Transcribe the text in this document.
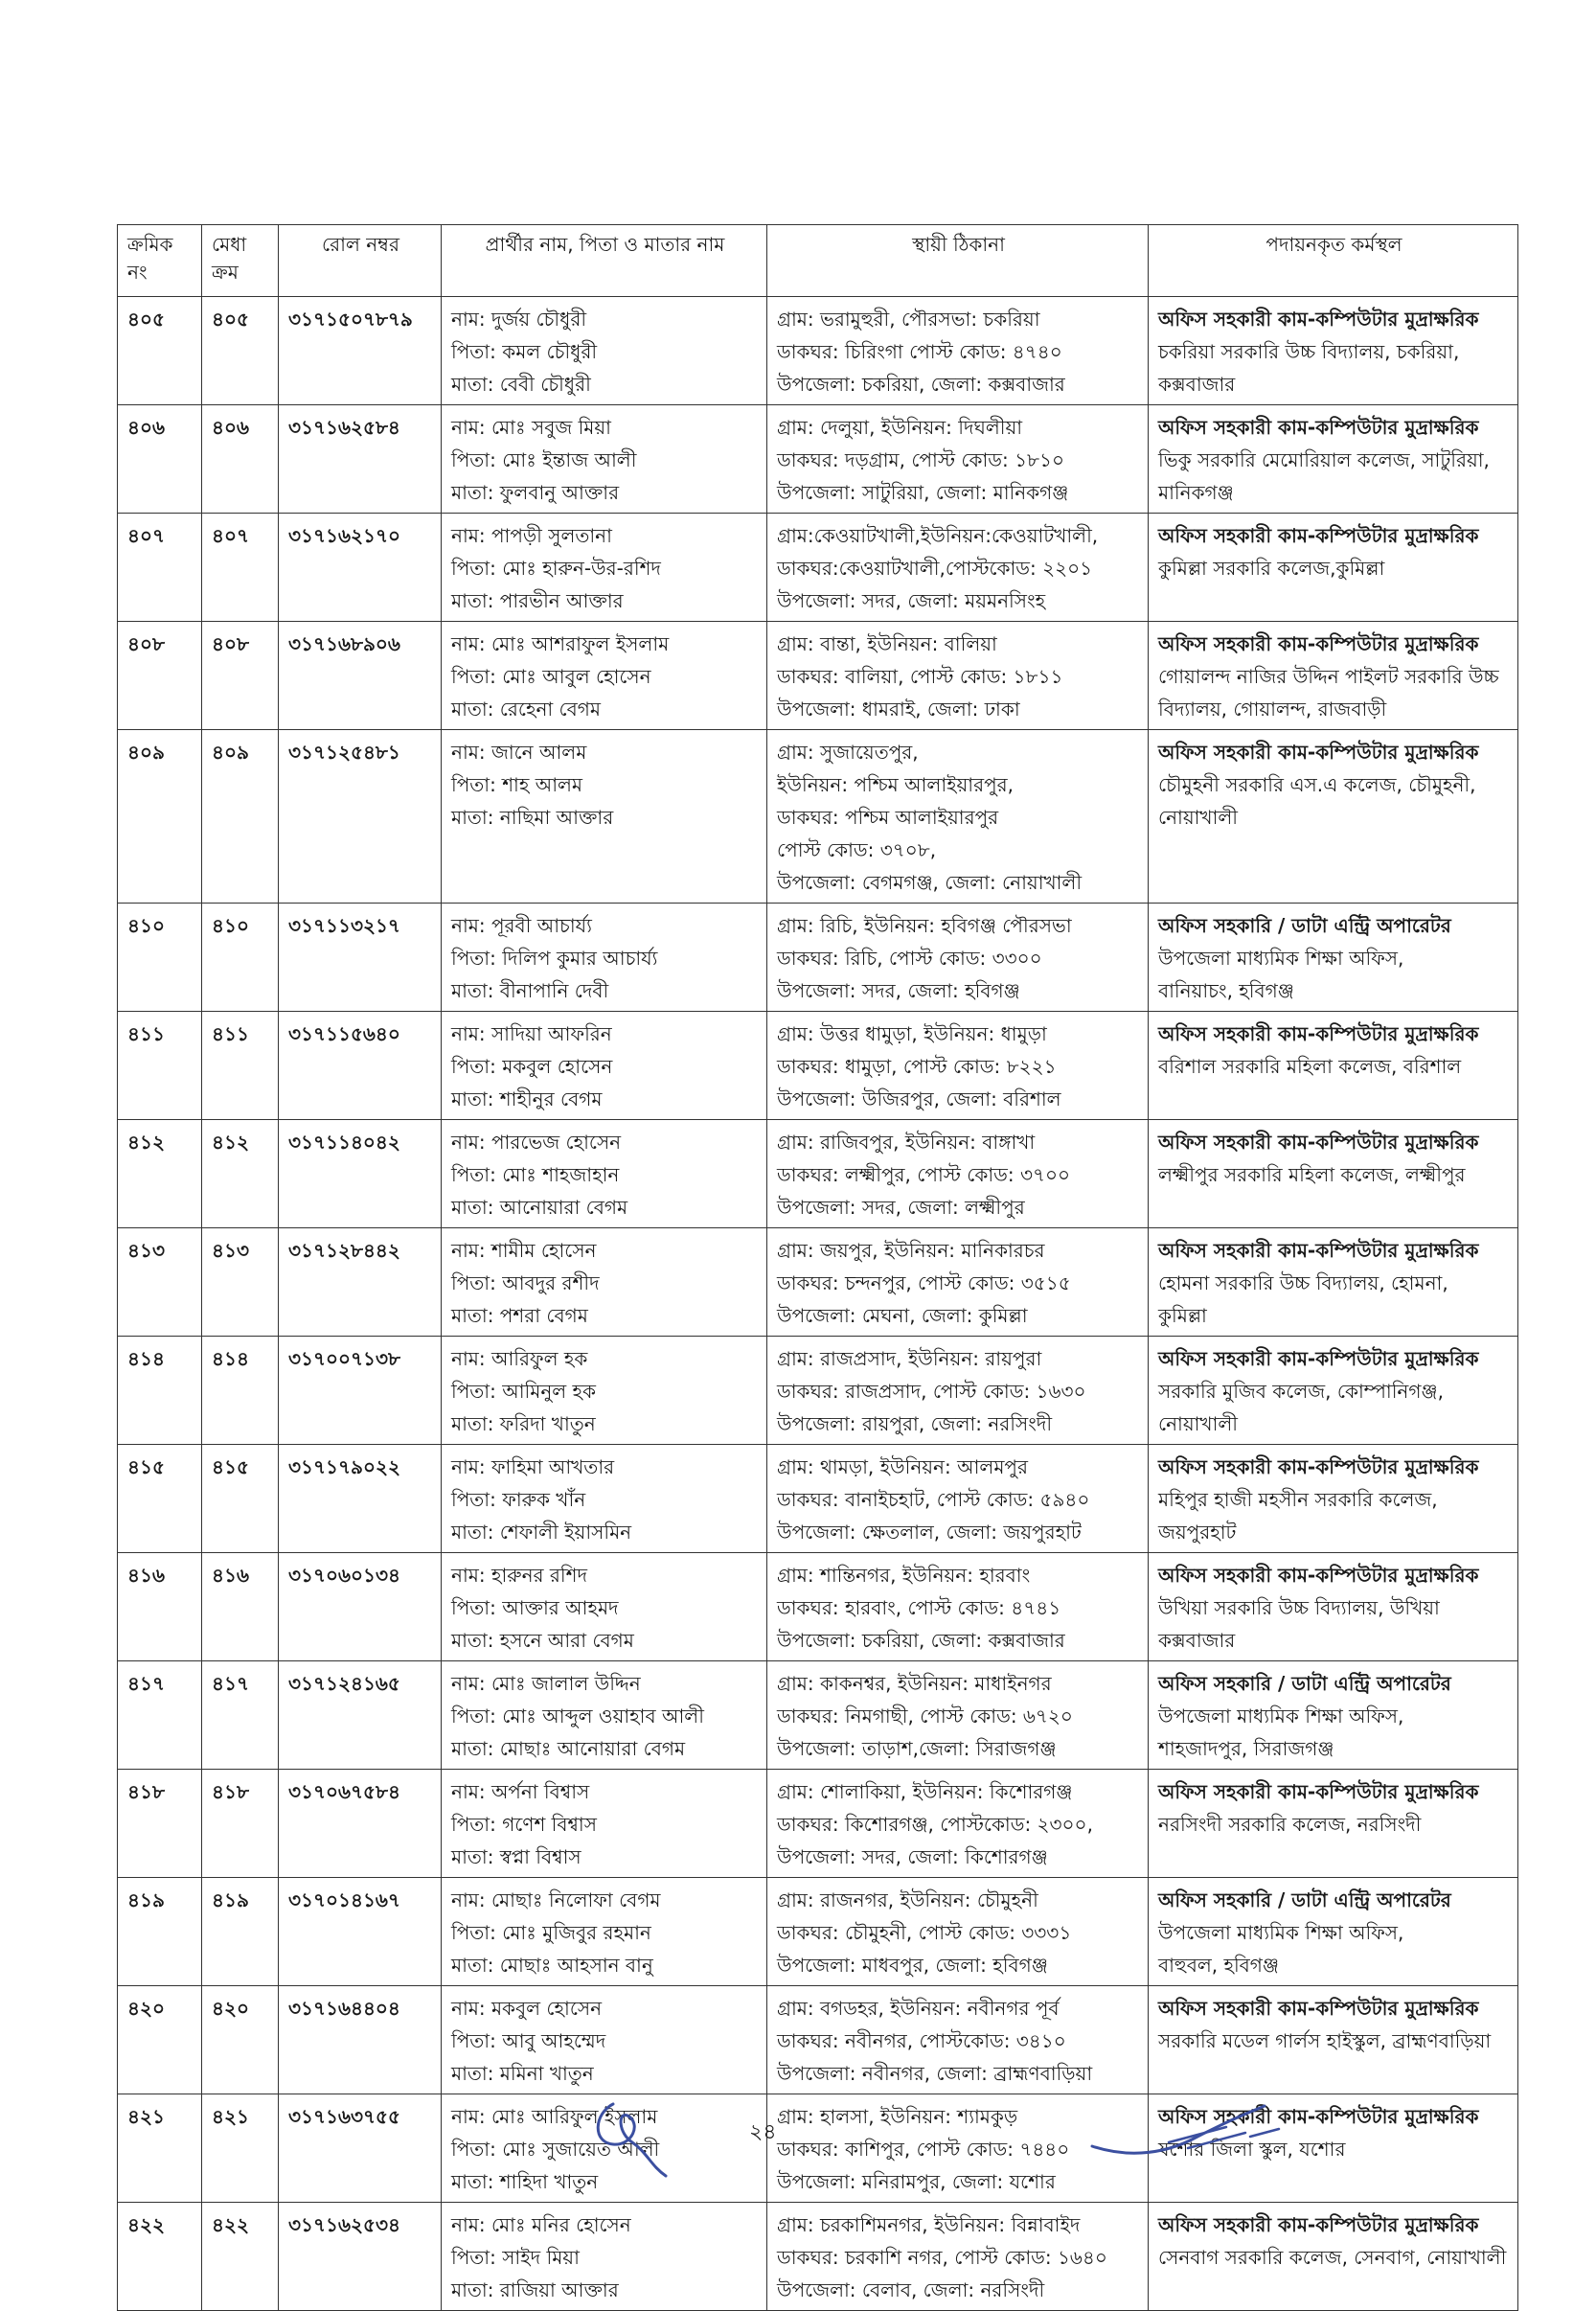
ক্রমিক নং	মেধা ক্রম	রোল নম্বর	প্রার্থীর নাম, পিতা ও মাতার নাম	স্থায়ী ঠিকানা	পদায়নকৃত কর্মস্থল
৪০৫	৪০৫	৩১৭১৫০৭৮৭৯	নাম: দুর্জয় চৌধুরী
পিতা: কমল চৌধুরী
মাতা: বেবী চৌধুরী	গ্রাম: ভরামুহুরী, পৌরসভা: চকরিয়া
ডাকঘর: চিরিংগা পোস্ট কোড: ৪৭৪০
উপজেলা: চকরিয়া, জেলা: কক্সবাজার	অফিস সহকারী কাম-কম্পিউটার মুদ্রাক্ষরিক
চকরিয়া সরকারি উচ্চ বিদ্যালয়, চকরিয়া,
কক্সবাজার

৪০৬	৪০৬	৩১৭১৬২৫৮৪	নাম: মোঃ সবুজ মিয়া
পিতা: মোঃ ইন্তাজ আলী
মাতা: ফুলবানু আক্তার	গ্রাম: দেলুয়া, ইউনিয়ন: দিঘলীয়া
ডাকঘর: দড়গ্রাম, পোস্ট কোড: ১৮১০
উপজেলা: সাটুরিয়া, জেলা: মানিকগঞ্জ	অফিস সহকারী কাম-কম্পিউটার মুদ্রাক্ষরিক
ভিকু সরকারি মেমোরিয়াল কলেজ, সাটুরিয়া,
মানিকগঞ্জ

৪০৭	৪০৭	৩১৭১৬২১৭০	নাম: পাপড়ী সুলতানা
পিতা: মোঃ হারুন-উর-রশিদ
মাতা: পারভীন আক্তার	গ্রাম:কেওয়াটখালী,ইউনিয়ন:কেওয়াটখালী,
ডাকঘর:কেওয়াটখালী,পোস্টকোড: ২২০১
উপজেলা: সদর, জেলা: ময়মনসিংহ	অফিস সহকারী কাম-কম্পিউটার মুদ্রাক্ষরিক
কুমিল্লা সরকারি কলেজ,কুমিল্লা

৪০৮	৪০৮	৩১৭১৬৮৯০৬	নাম: মোঃ আশরাফুল ইসলাম
পিতা: মোঃ আবুল হোসেন
মাতা: রেহেনা বেগম	গ্রাম: বান্তা, ইউনিয়ন: বালিয়া
ডাকঘর: বালিয়া, পোস্ট কোড: ১৮১১
উপজেলা: ধামরাই, জেলা: ঢাকা	অফিস সহকারী কাম-কম্পিউটার মুদ্রাক্ষরিক
গোয়ালন্দ নাজির উদ্দিন পাইলট সরকারি উচ্চ
বিদ্যালয়, গোয়ালন্দ, রাজবাড়ী

৪০৯	৪০৯	৩১৭১২৫৪৮১	নাম: জানে আলম
পিতা: শাহ আলম
মাতা: নাছিমা আক্তার	গ্রাম: সুজায়েতপুর,
ইউনিয়ন: পশ্চিম আলাইয়ারপুর,
ডাকঘর: পশ্চিম আলাইয়ারপুর
পোস্ট কোড: ৩৭০৮,
উপজেলা: বেগমগঞ্জ, জেলা: নোয়াখালী	অফিস সহকারী কাম-কম্পিউটার মুদ্রাক্ষরিক
চৌমুহনী সরকারি এস.এ কলেজ, চৌমুহনী,
নোয়াখালী

৪১০	৪১০	৩১৭১১৩২১৭	নাম: পূরবী আচার্য্য
পিতা: দিলিপ কুমার আচার্য্য
মাতা: বীনাপানি দেবী	গ্রাম: রিচি, ইউনিয়ন: হবিগঞ্জ পৌরসভা
ডাকঘর: রিচি, পোস্ট কোড: ৩৩০০
উপজেলা: সদর, জেলা: হবিগঞ্জ	অফিস সহকারি / ডাটা এন্ট্রি অপারেটর
উপজেলা মাধ্যমিক শিক্ষা অফিস,
বানিয়াচং, হবিগঞ্জ

৪১১	৪১১	৩১৭১১৫৬৪০	নাম: সাদিয়া আফরিন
পিতা: মকবুল হোসেন
মাতা: শাহীনুর বেগম	গ্রাম: উত্তর ধামুড়া, ইউনিয়ন: ধামুড়া
ডাকঘর: ধামুড়া, পোস্ট কোড: ৮২২১
উপজেলা: উজিরপুর, জেলা: বরিশাল	অফিস সহকারী কাম-কম্পিউটার মুদ্রাক্ষরিক
বরিশাল সরকারি মহিলা কলেজ, বরিশাল

৪১২	৪১২	৩১৭১১৪০৪২	নাম: পারভেজ হোসেন
পিতা: মোঃ শাহজাহান
মাতা: আনোয়ারা বেগম	গ্রাম: রাজিবপুর, ইউনিয়ন: বাঙ্গাখা
ডাকঘর: লক্ষ্মীপুর, পোস্ট কোড: ৩৭০০
উপজেলা: সদর, জেলা: লক্ষ্মীপুর	অফিস সহকারী কাম-কম্পিউটার মুদ্রাক্ষরিক
লক্ষ্মীপুর সরকারি মহিলা কলেজ, লক্ষ্মীপুর

৪১৩	৪১৩	৩১৭১২৮৪৪২	নাম: শামীম হোসেন
পিতা: আবদুর রশীদ
মাতা: পশরা বেগম	গ্রাম: জয়পুর, ইউনিয়ন: মানিকারচর
ডাকঘর: চন্দনপুর, পোস্ট কোড: ৩৫১৫
উপজেলা: মেঘনা, জেলা: কুমিল্লা	অফিস সহকারী কাম-কম্পিউটার মুদ্রাক্ষরিক
হোমনা সরকারি উচ্চ বিদ্যালয়, হোমনা,
কুমিল্লা

৪১৪	৪১৪	৩১৭০০৭১৩৮	নাম: আরিফুল হক
পিতা: আমিনুল হক
মাতা: ফরিদা খাতুন	গ্রাম: রাজপ্রসাদ, ইউনিয়ন: রায়পুরা
ডাকঘর: রাজপ্রসাদ, পোস্ট কোড: ১৬৩০
উপজেলা: রায়পুরা, জেলা: নরসিংদী	অফিস সহকারী কাম-কম্পিউটার মুদ্রাক্ষরিক
সরকারি মুজিব কলেজ, কোম্পানিগঞ্জ,
নোয়াখালী

৪১৫	৪১৫	৩১৭১৭৯০২২	নাম: ফাহিমা আখতার
পিতা: ফারুক খাঁন
মাতা: শেফালী ইয়াসমিন	গ্রাম: থামড়া, ইউনিয়ন: আলমপুর
ডাকঘর: বানাইচহাট, পোস্ট কোড: ৫৯৪০
উপজেলা: ক্ষেতলাল, জেলা: জয়পুরহাট	অফিস সহকারী কাম-কম্পিউটার মুদ্রাক্ষরিক
মহিপুর হাজী মহসীন সরকারি কলেজ,
জয়পুরহাট

৪১৬	৪১৬	৩১৭০৬০১৩৪	নাম: হারুনর রশিদ
পিতা: আক্তার আহমদ
মাতা: হসনে আরা বেগম	গ্রাম: শান্তিনগর, ইউনিয়ন: হারবাং
ডাকঘর: হারবাং, পোস্ট কোড: ৪৭৪১
উপজেলা: চকরিয়া, জেলা: কক্সবাজার	অফিস সহকারী কাম-কম্পিউটার মুদ্রাক্ষরিক
উখিয়া সরকারি উচ্চ বিদ্যালয়, উখিয়া
কক্সবাজার

৪১৭	৪১৭	৩১৭১২৪১৬৫	নাম: মোঃ জালাল উদ্দিন
পিতা: মোঃ আব্দুল ওয়াহাব আলী
মাতা: মোছাঃ আনোয়ারা বেগম	গ্রাম: কাকনশ্বর, ইউনিয়ন: মাধাইনগর
ডাকঘর: নিমগাছী, পোস্ট কোড: ৬৭২০
উপজেলা: তাড়াশ,জেলা: সিরাজগঞ্জ	অফিস সহকারি / ডাটা এন্ট্রি অপারেটর
উপজেলা মাধ্যমিক শিক্ষা অফিস,
শাহজাদপুর, সিরাজগঞ্জ

৪১৮	৪১৮	৩১৭০৬৭৫৮৪	নাম: অর্পনা বিশ্বাস
পিতা: গণেশ বিশ্বাস
মাতা: স্বপ্না বিশ্বাস	গ্রাম: শোলাকিয়া, ইউনিয়ন: কিশোরগঞ্জ
ডাকঘর: কিশোরগঞ্জ, পোস্টকোড: ২৩০০,
উপজেলা: সদর, জেলা: কিশোরগঞ্জ	অফিস সহকারী কাম-কম্পিউটার মুদ্রাক্ষরিক
নরসিংদী সরকারি কলেজ, নরসিংদী

৪১৯	৪১৯	৩১৭০১৪১৬৭	নাম: মোছাঃ নিলোফা বেগম
পিতা: মোঃ মুজিবুর রহমান
মাতা: মোছাঃ আহসান বানু	গ্রাম: রাজনগর, ইউনিয়ন: চৌমুহনী
ডাকঘর: চৌমুহনী, পোস্ট কোড: ৩৩৩১
উপজেলা: মাধবপুর, জেলা: হবিগঞ্জ	অফিস সহকারি / ডাটা এন্ট্রি অপারেটর
উপজেলা মাধ্যমিক শিক্ষা অফিস,
বাহুবল, হবিগঞ্জ

৪২০	৪২০	৩১৭১৬৪৪০৪	নাম: মকবুল হোসেন
পিতা: আবু আহম্মেদ
মাতা: মমিনা খাতুন	গ্রাম: বগডহর, ইউনিয়ন: নবীনগর পূর্ব
ডাকঘর: নবীনগর, পোস্টকোড: ৩৪১০
উপজেলা: নবীনগর, জেলা: ব্রাহ্মণবাড়িয়া	অফিস সহকারী কাম-কম্পিউটার মুদ্রাক্ষরিক
সরকারি মডেল গার্লস হাইস্কুল, ব্রাহ্মণবাড়িয়া

৪২১	৪২১	৩১৭১৬৩৭৫৫	নাম: মোঃ আরিফুল ইসলাম
পিতা: মোঃ সুজায়েত আলী
মাতা: শাহিদা খাতুন	গ্রাম: হালসা, ইউনিয়ন: শ্যামকুড়
ডাকঘর: কাশিপুর, পোস্ট কোড: ৭৪৪০
উপজেলা: মনিরামপুর, জেলা: যশোর	অফিস সহকারী কাম-কম্পিউটার মুদ্রাক্ষরিক
যশোর জিলা স্কুল, যশোর

৪২২	৪২২	৩১৭১৬২৫৩৪	নাম: মোঃ মনির হোসেন
পিতা: সাইদ মিয়া
মাতা: রাজিয়া আক্তার	গ্রাম: চরকাশিমনগর, ইউনিয়ন: বিন্নাবাইদ
ডাকঘর: চরকাশি নগর, পোস্ট কোড: ১৬৪০
উপজেলা: বেলাব, জেলা: নরসিংদী	অফিস সহকারী কাম-কম্পিউটার মুদ্রাক্ষরিক
সেনবাগ সরকারি কলেজ, সেনবাগ, নোয়াখালী
২৪
